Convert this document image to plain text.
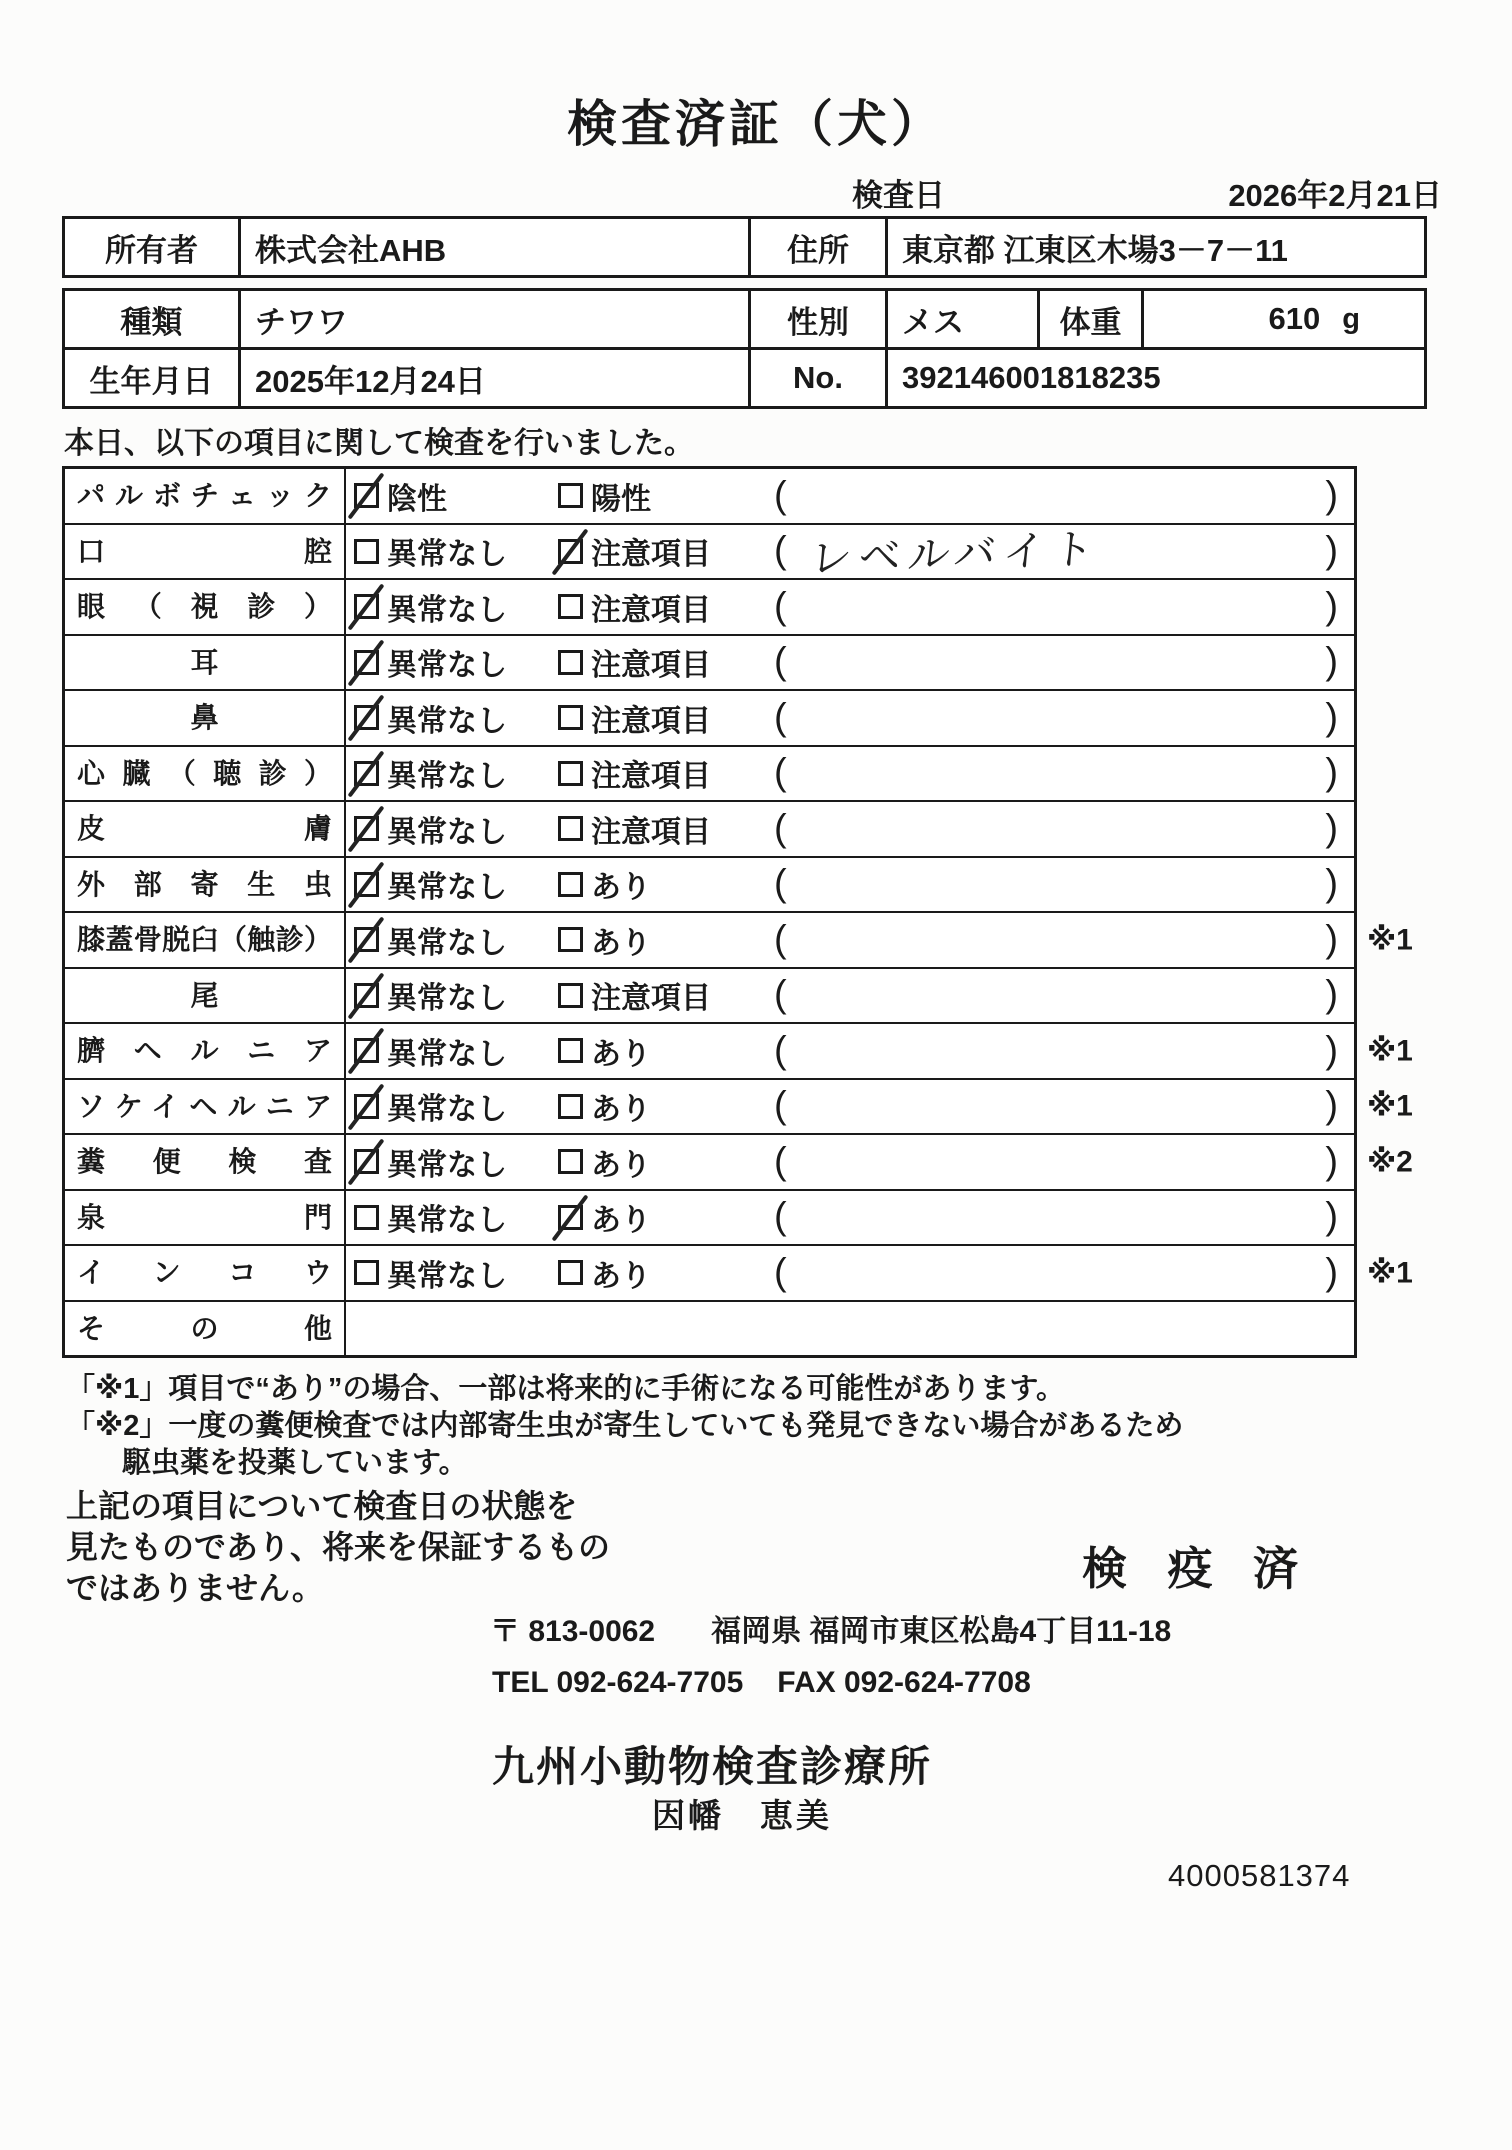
検査済証（犬）
検査日	2026年2月21日
所有者	株式会社AHB	住所	東京都 江東区木場3－7－11
種類	チワワ	性別	メス	体重	610 g
生年月日	2025年12月24日	No.	392146001818235
本日、以下の項目に関して検査を行いました。
パルボチェック	陰性	陽性	(	)
口腔	異常なし	注意項目 ( レベルバイト	)
眼（視診）	異常なし	注意項目 (	)
耳	異常なし	注意項目 (	)
鼻	異常なし	注意項目 (	)
心臓（聴診）	異常なし	注意項目 (	)
皮膚	異常なし	注意項目 (	)
外部寄生虫	異常なし	あり	(	)
膝蓋骨脱臼（触診）	異常なし	あり	(	) ※1
尾	異常なし	注意項目 (	)
臍ヘルニア	異常なし	あり	(	) ※1
ソケイヘルニア	異常なし	あり	(	) ※1
糞便検査	異常なし	あり	(	) ※2
泉門	異常なし	あり	(	)
インコウ	異常なし	あり	(	) ※1
その他
「※1」項目で“あり”の場合、一部は将来的に手術になる可能性があります。
「※2」一度の糞便検査では内部寄生虫が寄生していても発見できない場合があるため
駆虫薬を投薬しています。
上記の項目について検査日の状態を
見たものであり、将来を保証するもの
ではありません。	検 疫 済
〒 813-0062 福岡県 福岡市東区松島4丁目11-18
TEL 092-624-7705 FAX 092-624-7708
九州小動物検査診療所
因幡　恵美
4000581374
